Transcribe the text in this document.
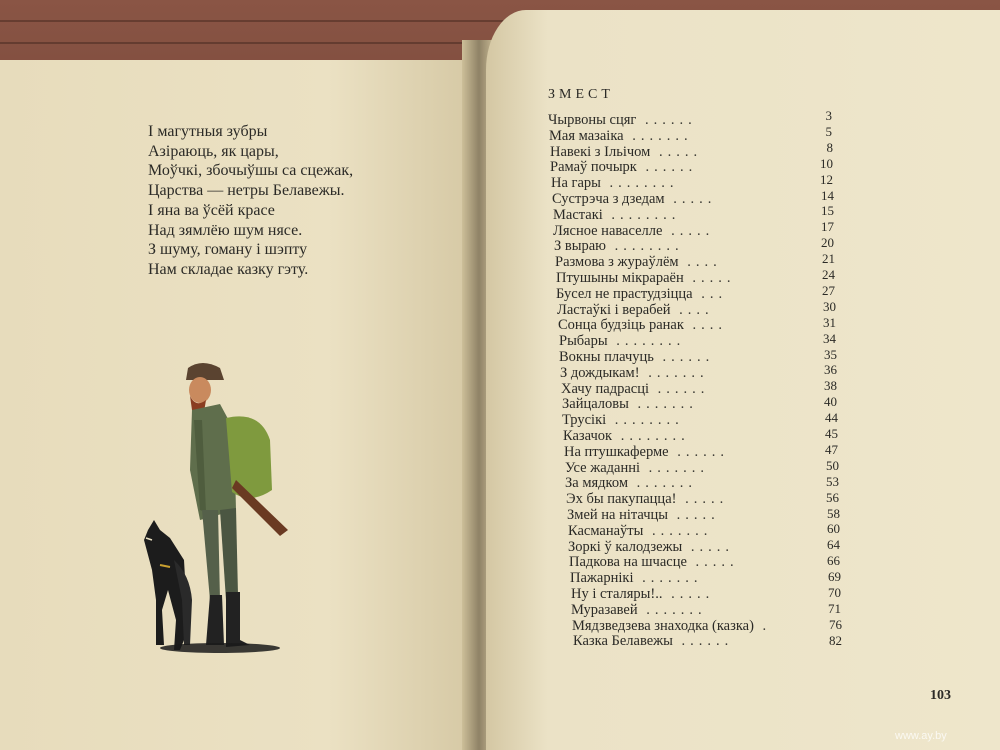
І магутныя зубры
Азіраюць, як цары,
Моўчкі, збочыўшы са сцежак,
Царства — нетры Белавежы.
І яна ва ўсёй красе
Над зямлёю шум нясе.
З шуму, гоману і шэпту
Нам складае казку гэту.
ЗМЕСТ
Чырвоны сцяг ......	3
Мая мазаіка .......	5
Навекі з Ільічом .....	8
Рамаў почырк ......	10
На гары ........	12
Сустрэча з дзедам .....	14
Мастакі ........	15
Лясное наваселле .....	17
З выраю ........	20
Размова з жураўлём ....	21
Птушыны мікрараён .....	24
Бусел не прастудзіцца ...	27
Ластаўкі і верабей ....	30
Сонца будзіць ранак ....	31
Рыбары ........	34
Вокны плачуць ......	35
З дождыкам! .......	36
Хачу падрасці ......	38
Зайцаловы .......	40
Трусікі ........	44
Казачок ........	45
На птушкаферме ......	47
Усе жаданні .......	50
За мядком .......	53
Эх бы пакупацца! .....	56
Змей на нітачцы .....	58
Касманаўты .......	60
Зоркі ў калодзежы .....	64
Падкова на шчасце .....	66
Пажарнікі .......	69
Ну і сталяры!.. .....	70
Муразавей .......	71
Мядзведзева знаходка (казка) .	76
Казка Белавежы ......	82
103
www.ay.by
